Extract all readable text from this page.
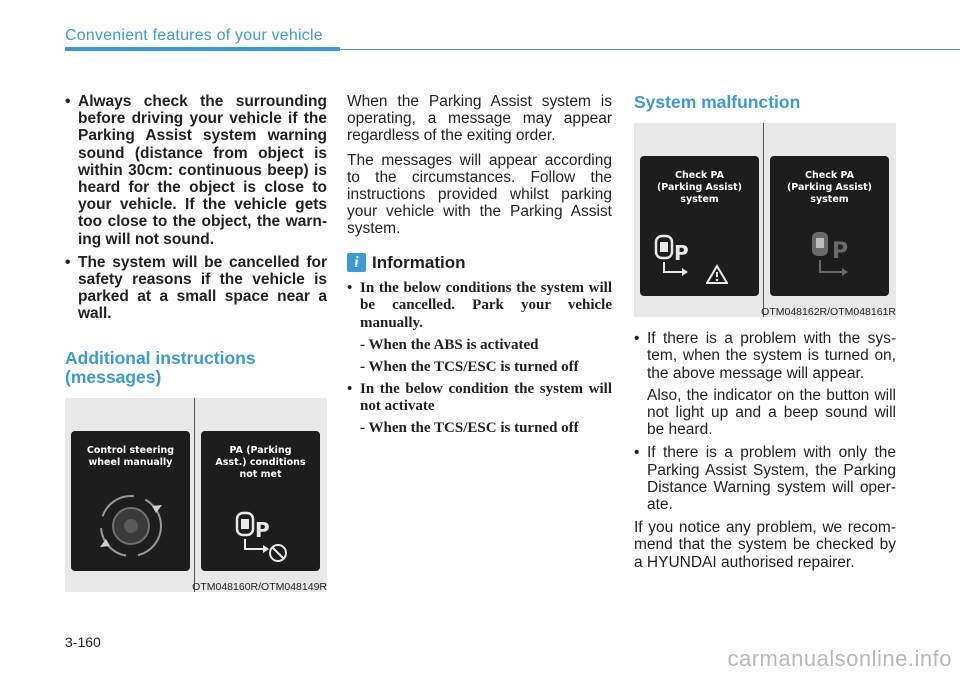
Convenient features of your vehicle
• Always check the surrounding before driving your vehicle if the Parking Assist system warning sound (distance from object is within 30cm: continuous beep) is heard for the object is close to your vehicle. If the vehicle gets too close to the object, the warn-ing will not sound.
• The system will be cancelled for safety reasons if the vehicle is parked at a small space near a wall.
Additional instructions (messages)
Control steering wheel manually
PA (Parking Asst.) conditions not met
P
OTM048160R/OTM048149R

When the Parking Assist system is operating, a message may appear regardless of the exiting order.

The messages will appear according to the circumstances. Follow the instructions provided whilst parking your vehicle with the Parking Assist system.

i Information
• In the below conditions the system will be cancelled. Park your vehicle manually.
- When the ABS is activated
- When the TCS/ESC is turned off
• In the below condition the system will not activate
- When the TCS/ESC is turned off
System malfunction
Check PA (Parking Assist) system
P
Check PA (Parking Assist) system
P
OTM048162R/OTM048161R
• If there is a problem with the sys-tem, when the system is turned on, the above message will appear.
Also, the indicator on the button will not light up and a beep sound will be heard.
• If there is a problem with only the Parking Assist System, the Parking Distance Warning system will oper-ate.

If you notice any problem, we recom-mend that the system be checked by a HYUNDAI authorised repairer.

3-160
carmanualsonline.info
